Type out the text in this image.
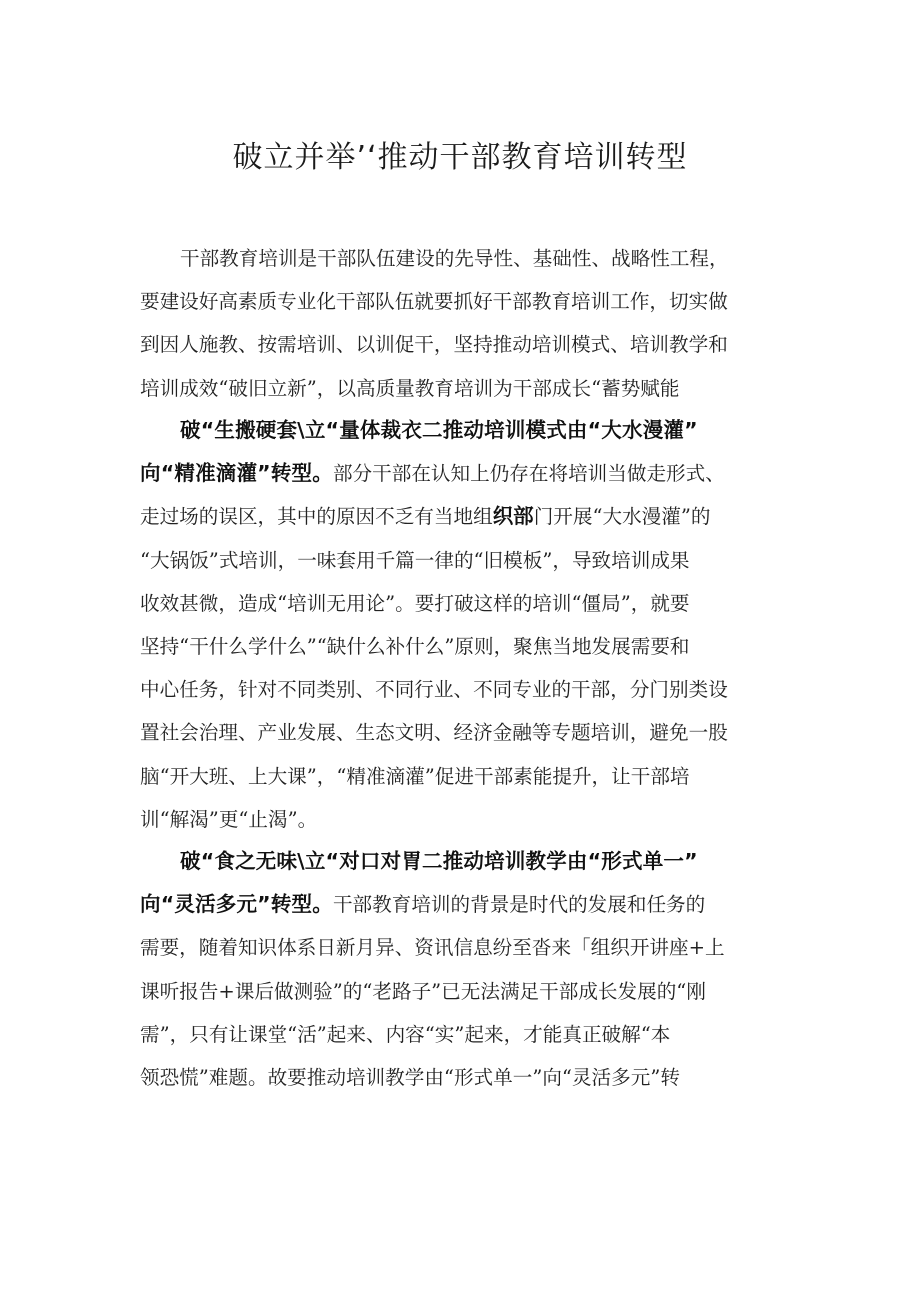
破立并举’‘推动干部教育培训转型
干部教育培训是干部队伍建设的先导性、基础性、战略性工程，
要建设好高素质专业化干部队伍就要抓好干部教育培训工作，切实做
到因人施教、按需培训、以训促干，坚持推动培训模式、培训教学和
培训成效“破旧立新”，以高质量教育培训为干部成长“蓄势赋能
破“生搬硬套\立“量体裁衣二推动培训模式由“大水漫灌”
向“精准滴灌”转型。部分干部在认知上仍存在将培训当做走形式、
走过场的误区，其中的原因不乏有当地组织部门开展“大水漫灌”的
“大锅饭”式培训，一味套用千篇一律的“旧模板”，导致培训成果
收效甚微，造成“培训无用论”。要打破这样的培训“僵局”，就要
坚持“干什么学什么”“缺什么补什么”原则，聚焦当地发展需要和
中心任务，针对不同类别、不同行业、不同专业的干部，分门别类设
置社会治理、产业发展、生态文明、经济金融等专题培训，避免一股
脑“开大班、上大课”，“精准滴灌”促进干部素能提升，让干部培
训“解渴”更“止渴”。
破“食之无味\立“对口对胃二推动培训教学由“形式单一”
向“灵活多元”转型。干部教育培训的背景是时代的发展和任务的
需要，随着知识体系日新月异、资讯信息纷至沓来「组织开讲座+上
课听报告+课后做测验”的“老路子”已无法满足干部成长发展的“刚
需”，只有让课堂“活”起来、内容“实”起来，才能真正破解“本
领恐慌”难题。故要推动培训教学由“形式单一”向“灵活多元”转
